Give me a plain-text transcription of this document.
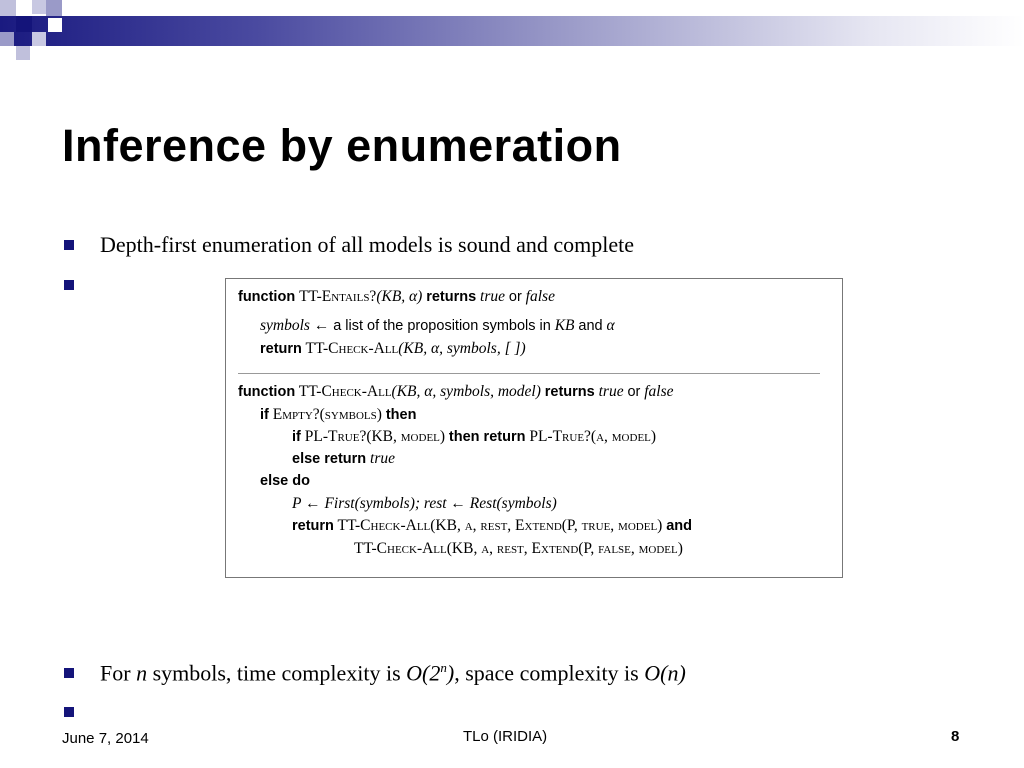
Inference by enumeration
Depth-first enumeration of all models is sound and complete
function TT-Entails?(KB, α) returns true or false
symbols ← a list of the proposition symbols in KB and α
return TT-Check-All(KB, α, symbols, [ ])
function TT-Check-All(KB, α, symbols, model) returns true or false
if Empty?(symbols) then
if PL-True?(KB, model) then return PL-True?(α, model)
else return true
else do
P ← First(symbols); rest ← Rest(symbols)
return TT-Check-All(KB, α, rest, Extend(P, true, model) and
TT-Check-All(KB, α, rest, Extend(P, false, model)
For n symbols, time complexity is O(2$^n$), space complexity is O(n)
June 7, 2014	TLo (IRIDIA)	8
